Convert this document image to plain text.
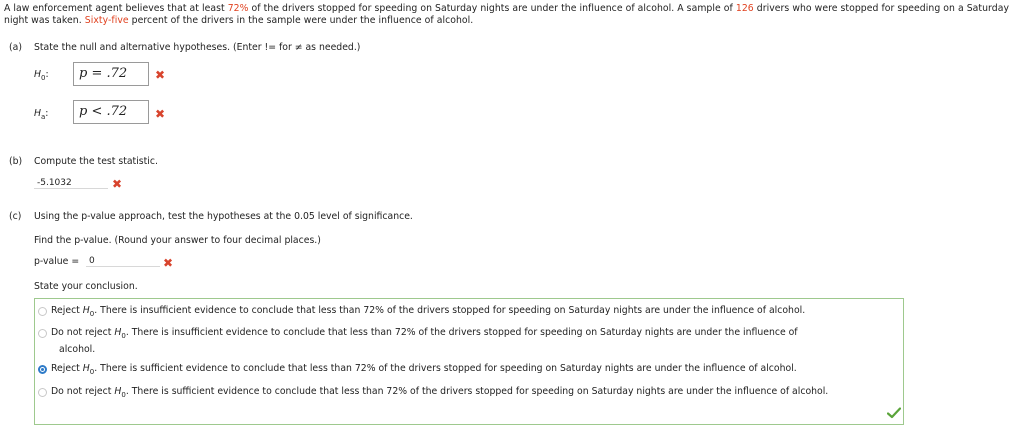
A law enforcement agent believes that at least 72% of the drivers stopped for speeding on Saturday nights are under the influence of alcohol. A sample of 126 drivers who were stopped for speeding on a Saturday night was taken. Sixty-five percent of the drivers in the sample were under the influence of alcohol.
(a) State the null and alternative hypotheses. (Enter != for ≠ as needed.)
$H_0$:	p = .72	✖
$H_a$:	p < .72	✖
(b) Compute the test statistic.
-5.1032	✖
(c) Using the p-value approach, test the hypotheses at the 0.05 level of significance.
Find the p-value. (Round your answer to four decimal places.)
p-value =	0	✖
State your conclusion.
Reject $H_0$. There is insufficient evidence to conclude that less than 72% of the drivers stopped for speeding on Saturday nights are under the influence of alcohol.
Do not reject $H_0$. There is insufficient evidence to conclude that less than 72% of the drivers stopped for speeding on Saturday nights are under the influence of
alcohol.
Reject $H_0$. There is sufficient evidence to conclude that less than 72% of the drivers stopped for speeding on Saturday nights are under the influence of alcohol.
Do not reject $H_0$. There is sufficient evidence to conclude that less than 72% of the drivers stopped for speeding on Saturday nights are under the influence of alcohol.
